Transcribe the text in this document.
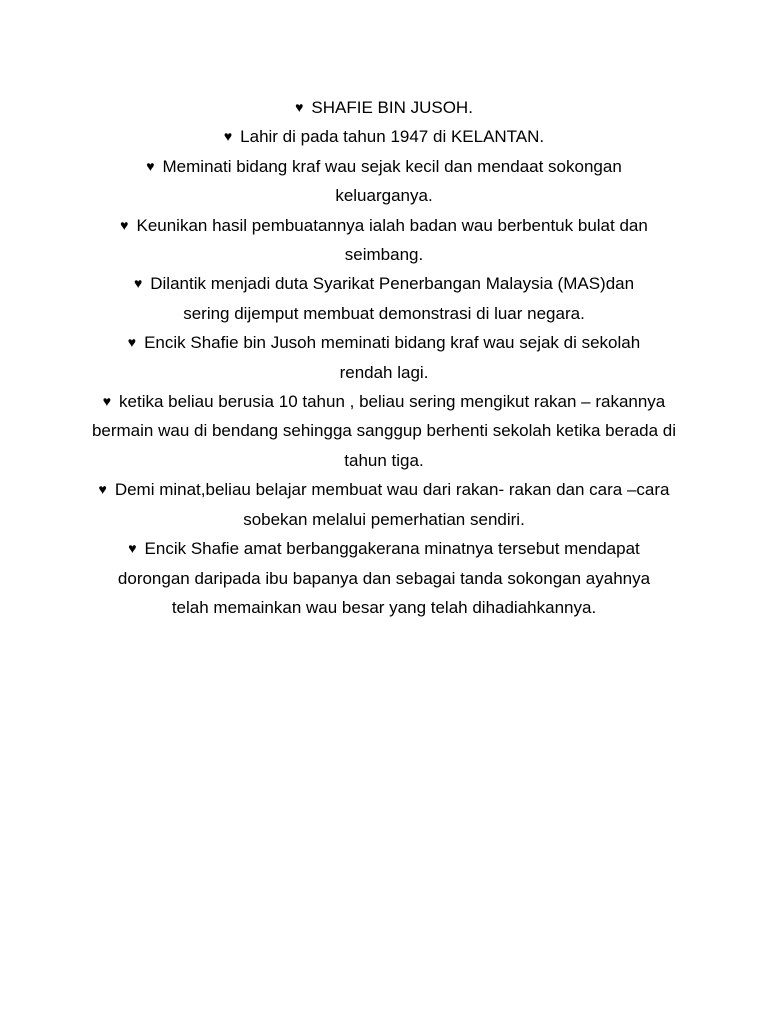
♥ SHAFIE BIN JUSOH.

♥ Lahir di pada tahun 1947 di KELANTAN.

♥ Meminati bidang kraf wau sejak kecil dan mendaat sokongan keluarganya.

♥ Keunikan hasil pembuatannya ialah badan wau berbentuk bulat dan seimbang.

♥ Dilantik menjadi duta Syarikat Penerbangan Malaysia (MAS)dan sering dijemput membuat demonstrasi di luar negara.

♥ Encik Shafie bin Jusoh meminati bidang kraf wau sejak di sekolah rendah lagi.

♥ ketika beliau berusia 10 tahun , beliau sering mengikut rakan – rakannya bermain wau di bendang sehingga sanggup berhenti sekolah ketika berada di tahun tiga.

♥ Demi minat,beliau belajar membuat wau dari rakan- rakan dan cara –cara sobekan melalui pemerhatian sendiri.

♥ Encik Shafie amat berbanggakerana minatnya tersebut mendapat dorongan daripada ibu bapanya dan sebagai tanda sokongan ayahnya telah memainkan wau besar yang telah dihadiahkannya.
